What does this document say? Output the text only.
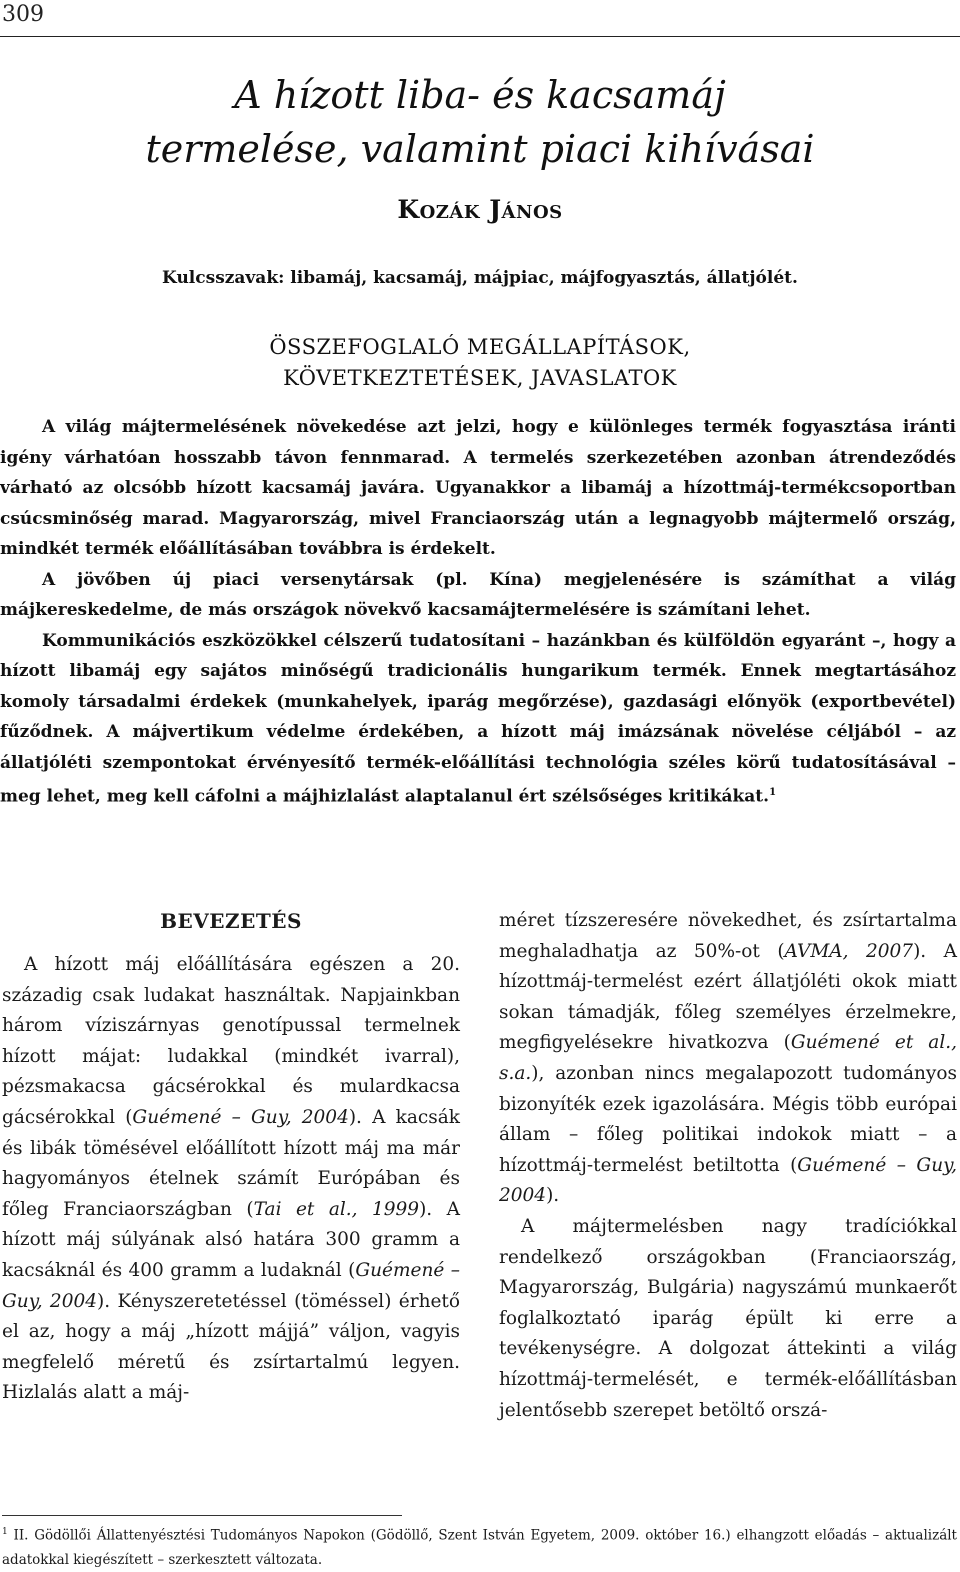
309
A hízott liba- és kacsamáj
termelése, valamint piaci kihívásai
Kozák János
Kulcsszavak: libamáj, kacsamáj, májpiac, májfogyasztás, állatjólét.
ÖSSZEFOGLALÓ MEGÁLLAPÍTÁSOK,
KÖVETKEZTETÉSEK, JAVASLATOK

A világ májtermelésének növekedése azt jelzi, hogy e különleges termék fogyasztása iránti igény várhatóan hosszabb távon fennmarad. A termelés szerkezetében azonban átrendeződés várható az olcsóbb hízott kacsamáj javára. Ugyanakkor a libamáj a hízottmáj-termékcsoportban csúcsminőség marad. Magyarország, mivel Franciaország után a legnagyobb májtermelő ország, mindkét termék előállításában továbbra is érdekelt.

A jövőben új piaci versenytársak (pl. Kína) megjelenésére is számíthat a világ májkereskedelme, de más országok növekvő kacsamájtermelésére is számítani lehet.

Kommunikációs eszközökkel célszerű tudatosítani – hazánkban és külföldön egyaránt –, hogy a hízott libamáj egy sajátos minőségű tradicionális hungarikum termék. Ennek megtartásához komoly társadalmi érdekek (munkahelyek, iparág megőrzése), gazdasági előnyök (exportbevétel) fűződnek. A májvertikum védelme érdekében, a hízott máj imázsának növelése céljából – az állatjóléti szempontokat érvényesítő termék-előállítási technológia széles körű tudatosításával – meg lehet, meg kell cáfolni a májhizlalást alaptalanul ért szélsőséges kritikákat.$^1$

BEVEZETÉS

A hízott máj előállítására egészen a 20. századig csak ludakat használtak. Napjainkban három víziszárnyas genotípussal termelnek hízott májat: ludakkal (mindkét ivarral), pézsmakacsa gácsérokkal és mulardkacsa gácsérokkal (Guémené – Guy, 2004). A kacsák és libák tömésével előállított hízott máj ma már hagyományos ételnek számít Európában és főleg Franciaországban (Tai et al., 1999). A hízott máj súlyának alsó határa 300 gramm a kacsáknál és 400 gramm a ludaknál (Guémené – Guy, 2004). Kényszeretetéssel (töméssel) érhető el az, hogy a máj „hízott májjá” váljon, vagyis megfelelő méretű és zsírtartalmú legyen. Hizlalás alatt a máj-

méret tízszeresére növekedhet, és zsírtartalma meghaladhatja az 50%-ot (AVMA, 2007). A hízottmáj-termelést ezért állatjóléti okok miatt sokan támadják, főleg személyes érzelmekre, megfigyelésekre hivatkozva (Guémené et al., s.a.), azonban nincs megalapozott tudományos bizonyíték ezek igazolására. Mégis több európai állam – főleg politikai indokok miatt – a hízottmáj-termelést betiltotta (Guémené – Guy, 2004).

A májtermelésben nagy tradíciókkal rendelkező országokban (Franciaország, Magyarország, Bulgária) nagyszámú munkaerőt foglalkoztató iparág épült ki erre a tevékenységre. A dolgozat áttekinti a világ hízottmáj-termelését, e termék-előállításban jelentősebb szerepet betöltő orszá-

$^1$ II. Gödöllői Állattenyésztési Tudományos Napokon (Gödöllő, Szent István Egyetem, 2009. október 16.) elhangzott előadás – aktualizált adatokkal kiegészített – szerkesztett változata.
